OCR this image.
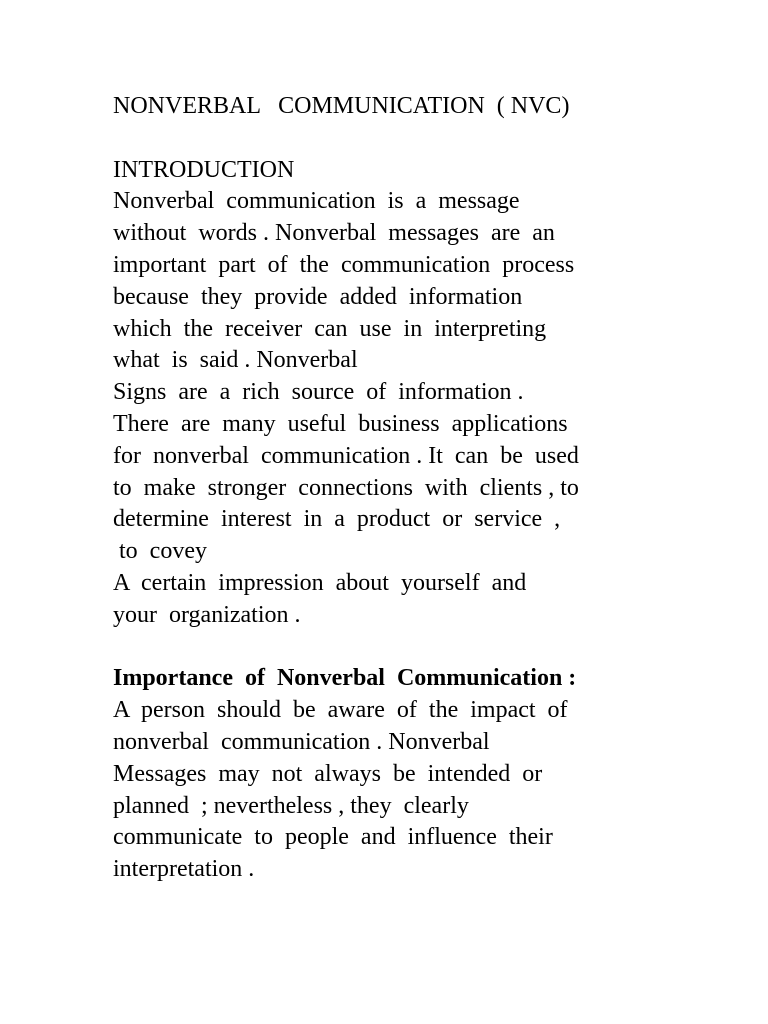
NONVERBAL   COMMUNICATION  ( NVC)
INTRODUCTION
Nonverbal  communication  is  a  message
without  words . Nonverbal  messages  are  an
important  part  of  the  communication  process
because  they  provide  added  information
which  the  receiver  can  use  in  interpreting
what  is  said . Nonverbal
Signs  are  a  rich  source  of  information .
There  are  many  useful  business  applications
for  nonverbal  communication . It  can  be  used
to  make  stronger  connections  with  clients , to
determine  interest  in  a  product  or  service  ,
to  covey
A  certain  impression  about  yourself  and
your  organization .
Importance  of  Nonverbal  Communication :
A  person  should  be  aware  of  the  impact  of
nonverbal  communication . Nonverbal
Messages  may  not  always  be  intended  or
planned  ; nevertheless , they  clearly
communicate  to  people  and  influence  their
interpretation .
